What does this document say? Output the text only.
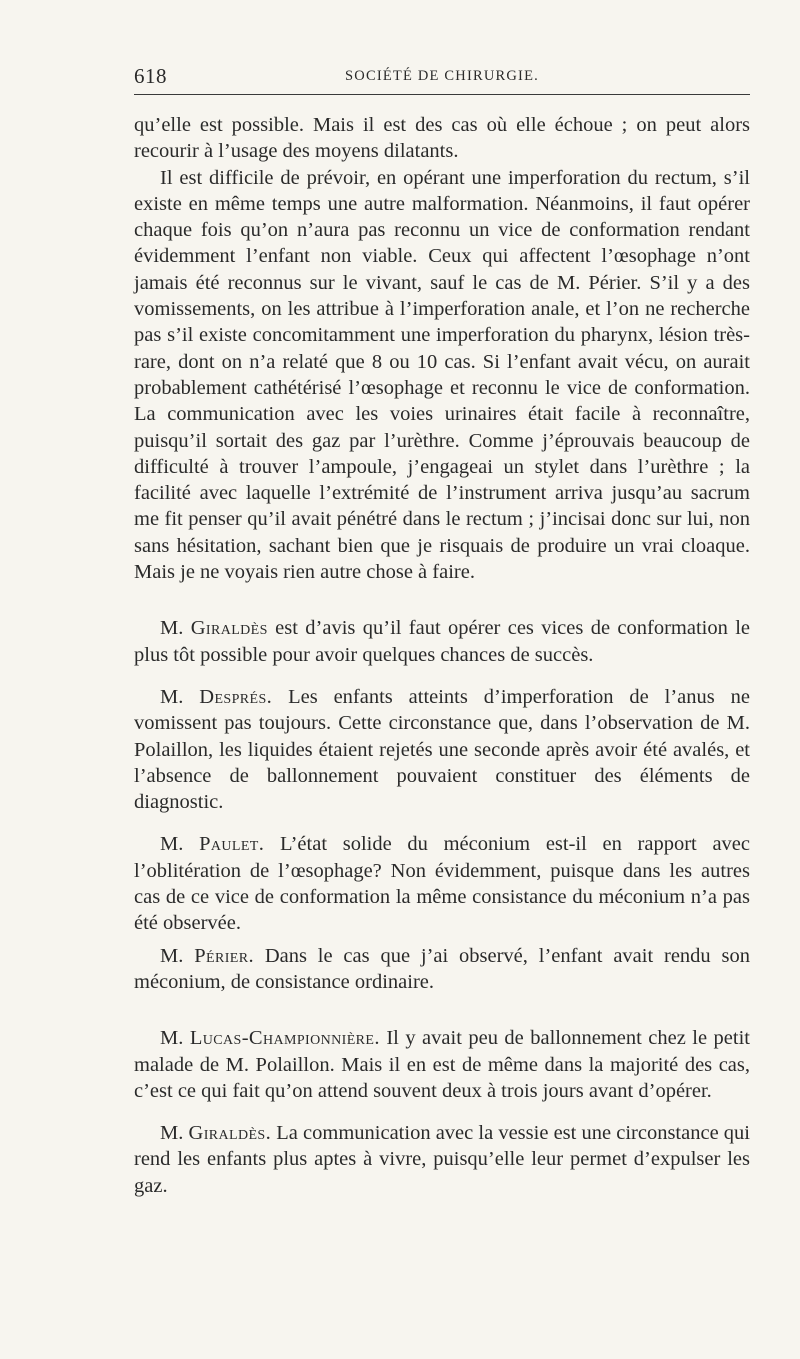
618	SOCIÉTÉ DE CHIRURGIE.

qu’elle est possible. Mais il est des cas où elle échoue ; on peut alors recourir à l’usage des moyens dilatants.

Il est difficile de prévoir, en opérant une imperforation du rectum, s’il existe en même temps une autre malformation. Néanmoins, il faut opérer chaque fois qu’on n’aura pas reconnu un vice de conformation rendant évidemment l’enfant non viable. Ceux qui affectent l’œsophage n’ont jamais été reconnus sur le vivant, sauf le cas de M. Périer. S’il y a des vomissements, on les attribue à l’imperforation anale, et l’on ne recherche pas s’il existe concomitamment une imperforation du pharynx, lésion très-rare, dont on n’a relaté que 8 ou 10 cas. Si l’enfant avait vécu, on aurait probablement cathétérisé l’œsophage et reconnu le vice de conformation. La communication avec les voies urinaires était facile à reconnaître, puisqu’il sortait des gaz par l’urèthre. Comme j’éprouvais beaucoup de difficulté à trouver l’ampoule, j’engageai un stylet dans l’urèthre ; la facilité avec laquelle l’extrémité de l’instrument arriva jusqu’au sacrum me fit penser qu’il avait pénétré dans le rectum ; j’incisai donc sur lui, non sans hésitation, sachant bien que je risquais de produire un vrai cloaque. Mais je ne voyais rien autre chose à faire.

M. Giraldès est d’avis qu’il faut opérer ces vices de conformation le plus tôt possible pour avoir quelques chances de succès.

M. Després. Les enfants atteints d’imperforation de l’anus ne vomissent pas toujours. Cette circonstance que, dans l’observation de M. Polaillon, les liquides étaient rejetés une seconde après avoir été avalés, et l’absence de ballonnement pouvaient constituer des éléments de diagnostic.

M. Paulet. L’état solide du méconium est-il en rapport avec l’oblitération de l’œsophage? Non évidemment, puisque dans les autres cas de ce vice de conformation la même consistance du méconium n’a pas été observée.

M. Périer. Dans le cas que j’ai observé, l’enfant avait rendu son méconium, de consistance ordinaire.

M. Lucas-Championnière. Il y avait peu de ballonnement chez le petit malade de M. Polaillon. Mais il en est de même dans la majorité des cas, c’est ce qui fait qu’on attend souvent deux à trois jours avant d’opérer.

M. Giraldès. La communication avec la vessie est une circonstance qui rend les enfants plus aptes à vivre, puisqu’elle leur permet d’expulser les gaz.
